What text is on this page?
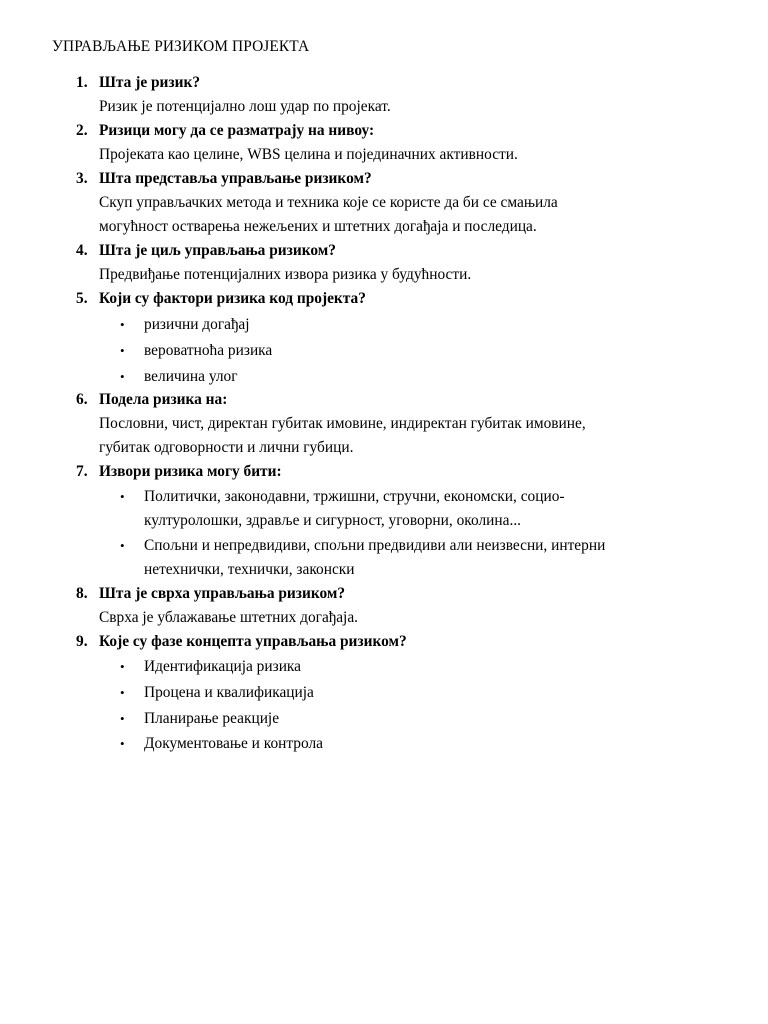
УПРАВЉАЊЕ РИЗИКОМ ПРОЈЕКТА
1. Шта је ризик?
Ризик је потенцијално лош удар по пројекат.
2. Ризици могу да се разматрају на нивоу:
Пројеката као целине, WBS целина и појединачних активности.
3. Шта представља управљање ризиком?
Скуп управљачких метода и техника које се користе да би се смањила
могућност остварења нежељених и штетних догађаја и последица.
4. Шта је циљ управљања ризиком?
Предвиђање потенцијалних извора ризика у будућности.
5. Који су фактори ризика код пројекта?
• ризични догађај
• вероватноћа ризика
• величина улог
6. Подела ризика на:
Пословни, чист, директан губитак имовине, индиректан губитак имовине,
губитак одговорности и лични губици.
7. Извори ризика могу бити:
• Политички, законодавни, тржишни, стручни, економски, социо-
културолошки, здравље и сигурност, уговорни, околина...
• Спољни и непредвидиви, спољни предвидиви али неизвесни, интерни
нетехнички, технички, законски
8. Шта је сврха управљања ризиком?
Сврха је ублажавање штетних догађаја.
9. Које су фазе концепта управљања ризиком?
• Идентификација ризика
• Процена и квалификација
• Планирање реакције
• Документовање и контрола
